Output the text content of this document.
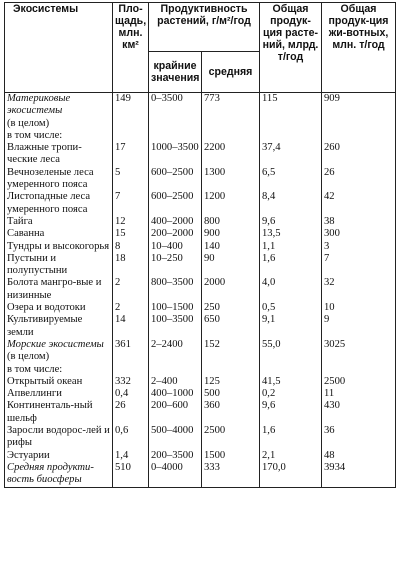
Экосистемы	Пло-щадь, млн. км²	Продуктивность растений, г/м²/год		Общая продук-ция расте-ний, млрд. т/год	Общая продук-ция жи-вотных, млн. т/год
		крайние значения	средняя		
Материковые экосистемы	149	0–3500	773	115	909
(в целом)					
в том числе:					
Влажные тропи-ческие леса	17	1000–3500	2200	37,4	260
Вечнозеленые леса умеренного пояса	5	600–2500	1300	6,5	26
Листопадные леса умеренного пояса	7	600–2500	1200	8,4	42
Тайга	12	400–2000	800	9,6	38
Саванна	15	200–2000	900	13,5	300
Тундры и высокогорья	8	10–400	140	1,1	3
Пустыни и полупустыни	18	10–250	90	1,6	7
Болота мангро-вые и низинные	2	800–3500	2000	4,0	32
Озера и водотоки	2	100–1500	250	0,5	10
Культивируемые земли	14	100–3500	650	9,1	9
Морские экосистемы	361	2–2400	152	55,0	3025
(в целом)					
в том числе:					
Открытый океан	332	2–400	125	41,5	2500
Апвеллинги	0,4	400–1000	500	0,2	11
Континенталь-ный шельф	26	200–600	360	9,6	430
Заросли водорос-лей и рифы	0,6	500–4000	2500	1,6	36
Эстуарии	1,4	200–3500	1500	2,1	48
Средняя продукти-вость биосферы	510	0–4000	333	170,0	3934
